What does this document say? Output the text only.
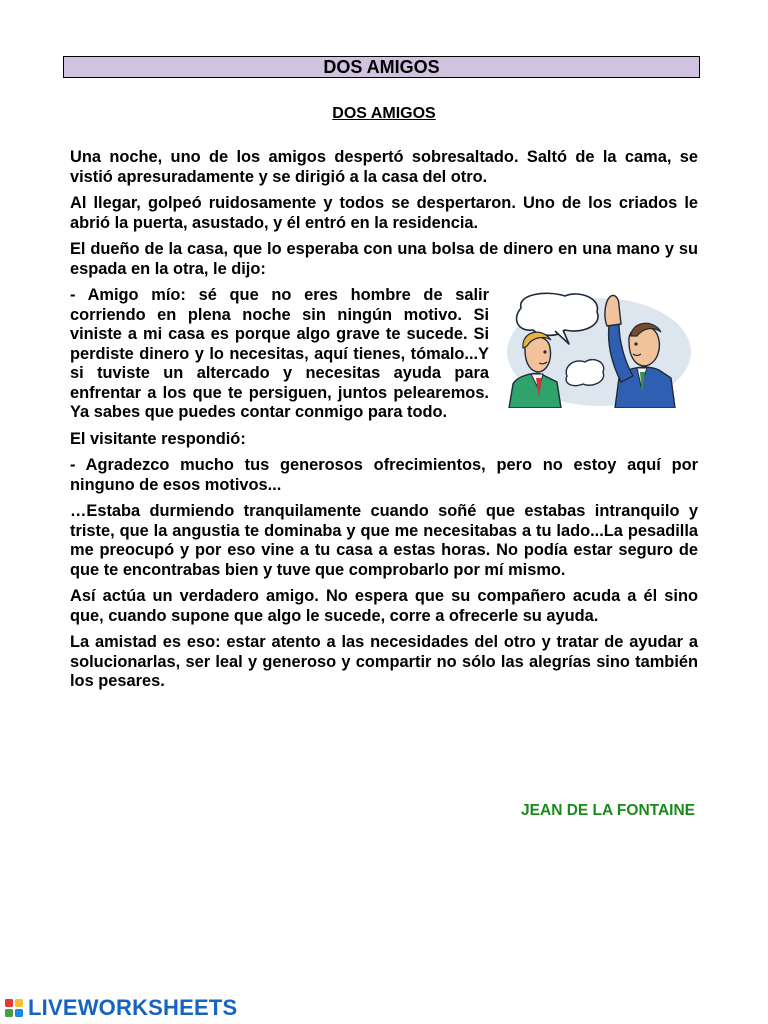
DOS AMIGOS
DOS AMIGOS

Una noche, uno de los amigos despertó sobresaltado. Saltó de la cama, se vistió apresuradamente y se dirigió a la casa del otro.

Al llegar, golpeó ruidosamente y todos se despertaron. Uno de los criados le abrió la puerta, asustado, y él entró en la residencia.

El dueño de la casa, que lo esperaba con una bolsa de dinero en una mano y su espada en la otra, le dijo:

- Amigo mío: sé que no eres hombre de salir corriendo en plena noche sin ningún motivo. Si viniste a mi casa es porque algo grave te sucede. Si perdiste dinero y lo necesitas, aquí tienes, tómalo...Y si tuviste un altercado y necesitas ayuda para enfrentar a los que te persiguen, juntos pelearemos. Ya sabes que puedes contar conmigo para todo.

El visitante respondió:

- Agradezco mucho tus generosos ofrecimientos, pero no estoy aquí por ninguno de esos motivos...

…Estaba durmiendo tranquilamente cuando soñé que estabas intranquilo y triste, que la angustia te dominaba y que me necesitabas a tu lado...La pesadilla me preocupó y por eso vine a tu casa a estas horas. No podía estar seguro de que te encontrabas bien y tuve que comprobarlo por mí mismo.

Así actúa un verdadero amigo. No espera que su compañero acuda a él sino que, cuando supone que algo le sucede, corre a ofrecerle su ayuda.

La amistad es eso: estar atento a las necesidades del otro y tratar de ayudar a solucionarlas, ser leal y generoso y compartir no sólo las alegrías sino también los pesares.

JEAN DE LA FONTAINE
LIVEWORKSHEETS
